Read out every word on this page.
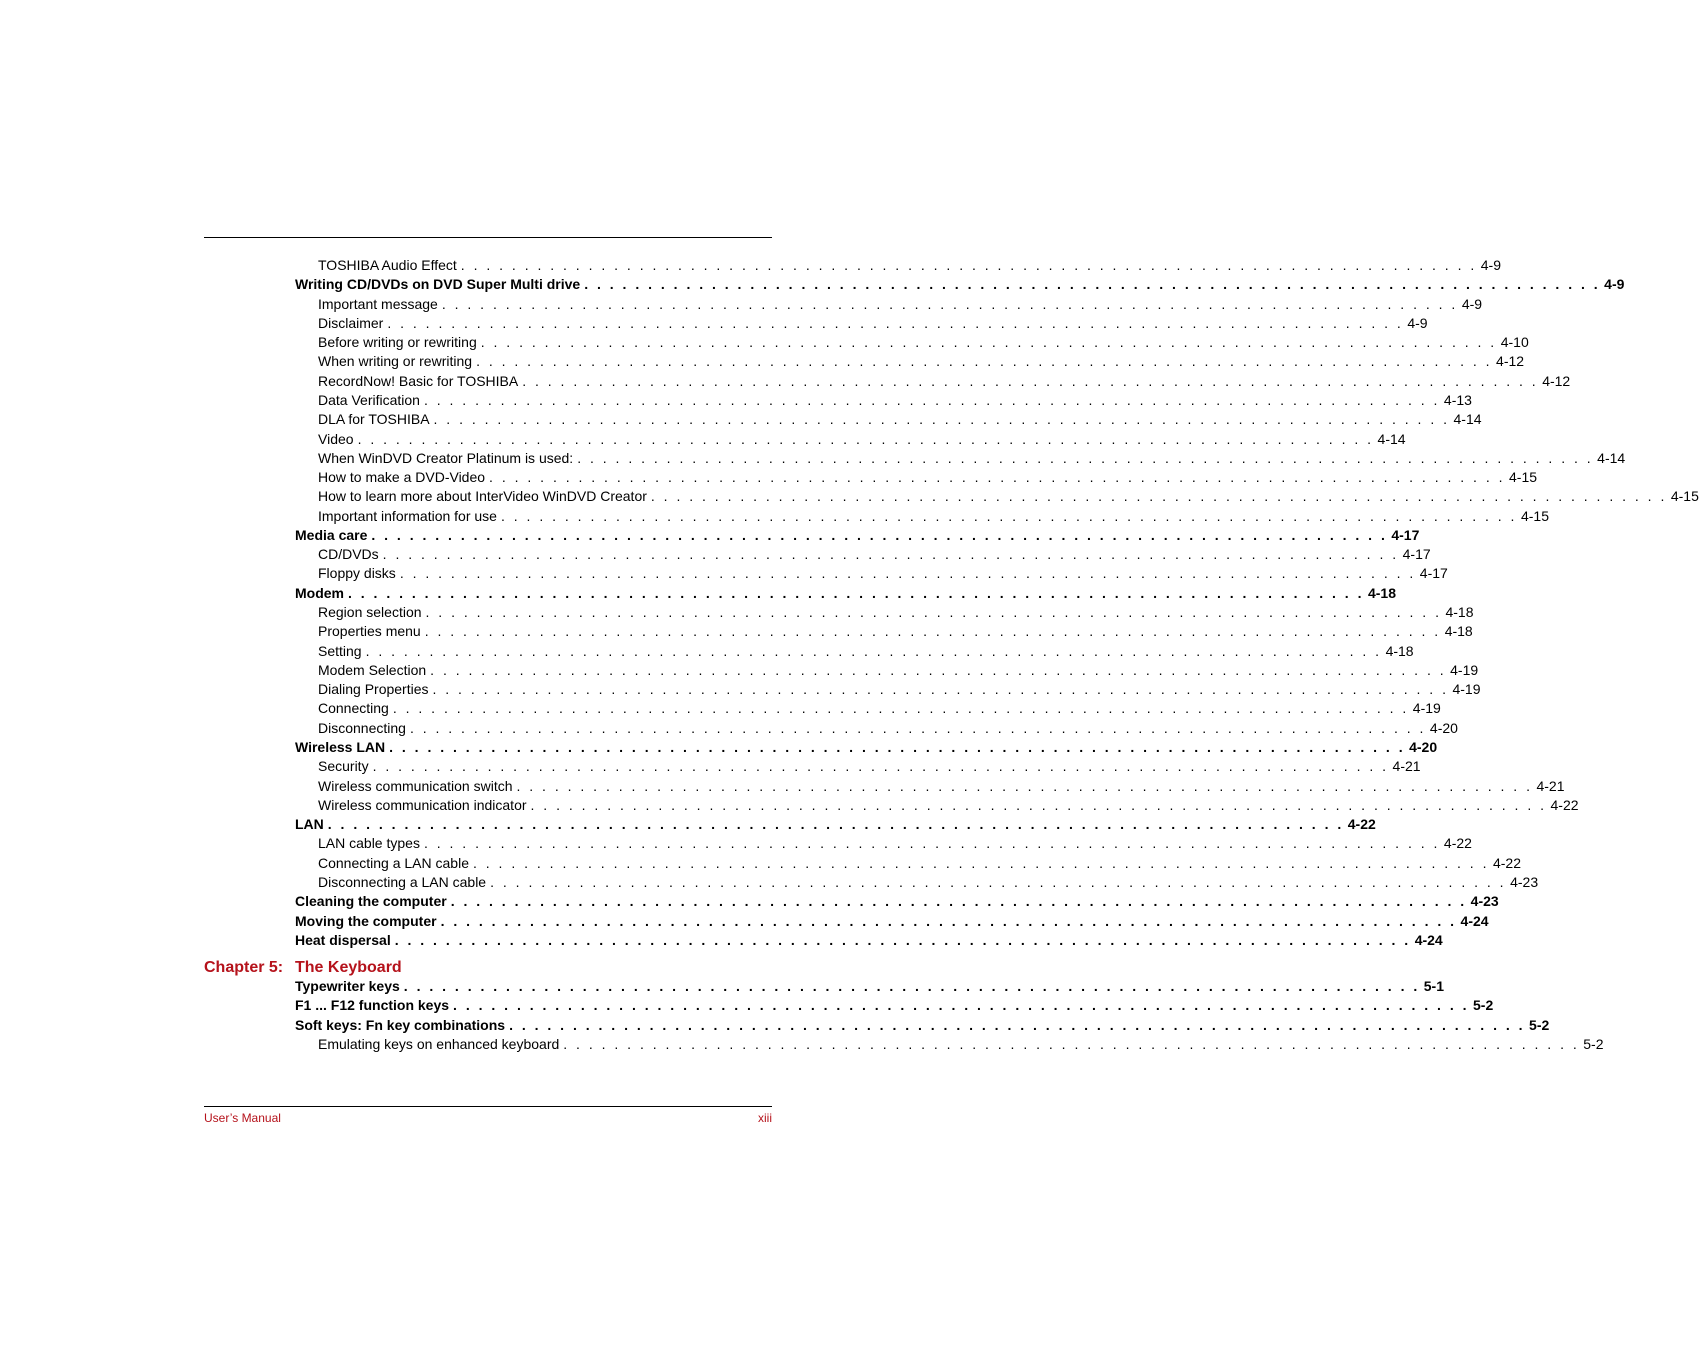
TOSHIBA Audio Effect . . . . . . . . . . . . . . . . . . . . . . . . . . . . . . . . . . . . . . . . . . . . . . . . . . . . . . . . . . . . . . . . . . . . . . . . . . . . . . . . 4-9
Writing CD/DVDs on DVD Super Multi drive . . . . . . . . . . . . . . . . . . . . . . . . . . . . . . . . . . . . . . . . . . . . . . . . . . . . . . . . . . . . . . . . . . . . . . . . . . . . . . . . 4-9
Important message . . . . . . . . . . . . . . . . . . . . . . . . . . . . . . . . . . . . . . . . . . . . . . . . . . . . . . . . . . . . . . . . . . . . . . . . . . . . . . . . 4-9
Disclaimer . . . . . . . . . . . . . . . . . . . . . . . . . . . . . . . . . . . . . . . . . . . . . . . . . . . . . . . . . . . . . . . . . . . . . . . . . . . . . . . . 4-9
Before writing or rewriting . . . . . . . . . . . . . . . . . . . . . . . . . . . . . . . . . . . . . . . . . . . . . . . . . . . . . . . . . . . . . . . . . . . . . . . . . . . . . . . . 4-10
When writing or rewriting . . . . . . . . . . . . . . . . . . . . . . . . . . . . . . . . . . . . . . . . . . . . . . . . . . . . . . . . . . . . . . . . . . . . . . . . . . . . . . . . 4-12
RecordNow! Basic for TOSHIBA . . . . . . . . . . . . . . . . . . . . . . . . . . . . . . . . . . . . . . . . . . . . . . . . . . . . . . . . . . . . . . . . . . . . . . . . . . . . . . . . 4-12
Data Verification . . . . . . . . . . . . . . . . . . . . . . . . . . . . . . . . . . . . . . . . . . . . . . . . . . . . . . . . . . . . . . . . . . . . . . . . . . . . . . . . 4-13
DLA for TOSHIBA . . . . . . . . . . . . . . . . . . . . . . . . . . . . . . . . . . . . . . . . . . . . . . . . . . . . . . . . . . . . . . . . . . . . . . . . . . . . . . . . 4-14
Video . . . . . . . . . . . . . . . . . . . . . . . . . . . . . . . . . . . . . . . . . . . . . . . . . . . . . . . . . . . . . . . . . . . . . . . . . . . . . . . . 4-14
When WinDVD Creator Platinum is used: . . . . . . . . . . . . . . . . . . . . . . . . . . . . . . . . . . . . . . . . . . . . . . . . . . . . . . . . . . . . . . . . . . . . . . . . . . . . . . . . 4-14
How to make a DVD-Video . . . . . . . . . . . . . . . . . . . . . . . . . . . . . . . . . . . . . . . . . . . . . . . . . . . . . . . . . . . . . . . . . . . . . . . . . . . . . . . . 4-15
How to learn more about InterVideo WinDVD Creator . . . . . . . . . . . . . . . . . . . . . . . . . . . . . . . . . . . . . . . . . . . . . . . . . . . . . . . . . . . . . . . . . . . . . . . . . . . . . . . . 4-15
Important information for use . . . . . . . . . . . . . . . . . . . . . . . . . . . . . . . . . . . . . . . . . . . . . . . . . . . . . . . . . . . . . . . . . . . . . . . . . . . . . . . . 4-15
Media care . . . . . . . . . . . . . . . . . . . . . . . . . . . . . . . . . . . . . . . . . . . . . . . . . . . . . . . . . . . . . . . . . . . . . . . . . . . . . . . . 4-17
CD/DVDs . . . . . . . . . . . . . . . . . . . . . . . . . . . . . . . . . . . . . . . . . . . . . . . . . . . . . . . . . . . . . . . . . . . . . . . . . . . . . . . . 4-17
Floppy disks . . . . . . . . . . . . . . . . . . . . . . . . . . . . . . . . . . . . . . . . . . . . . . . . . . . . . . . . . . . . . . . . . . . . . . . . . . . . . . . . 4-17
Modem . . . . . . . . . . . . . . . . . . . . . . . . . . . . . . . . . . . . . . . . . . . . . . . . . . . . . . . . . . . . . . . . . . . . . . . . . . . . . . . . 4-18
Region selection . . . . . . . . . . . . . . . . . . . . . . . . . . . . . . . . . . . . . . . . . . . . . . . . . . . . . . . . . . . . . . . . . . . . . . . . . . . . . . . . 4-18
Properties menu . . . . . . . . . . . . . . . . . . . . . . . . . . . . . . . . . . . . . . . . . . . . . . . . . . . . . . . . . . . . . . . . . . . . . . . . . . . . . . . . 4-18
Setting . . . . . . . . . . . . . . . . . . . . . . . . . . . . . . . . . . . . . . . . . . . . . . . . . . . . . . . . . . . . . . . . . . . . . . . . . . . . . . . . 4-18
Modem Selection . . . . . . . . . . . . . . . . . . . . . . . . . . . . . . . . . . . . . . . . . . . . . . . . . . . . . . . . . . . . . . . . . . . . . . . . . . . . . . . . 4-19
Dialing Properties . . . . . . . . . . . . . . . . . . . . . . . . . . . . . . . . . . . . . . . . . . . . . . . . . . . . . . . . . . . . . . . . . . . . . . . . . . . . . . . . 4-19
Connecting . . . . . . . . . . . . . . . . . . . . . . . . . . . . . . . . . . . . . . . . . . . . . . . . . . . . . . . . . . . . . . . . . . . . . . . . . . . . . . . . 4-19
Disconnecting . . . . . . . . . . . . . . . . . . . . . . . . . . . . . . . . . . . . . . . . . . . . . . . . . . . . . . . . . . . . . . . . . . . . . . . . . . . . . . . . 4-20
Wireless LAN . . . . . . . . . . . . . . . . . . . . . . . . . . . . . . . . . . . . . . . . . . . . . . . . . . . . . . . . . . . . . . . . . . . . . . . . . . . . . . . . 4-20
Security . . . . . . . . . . . . . . . . . . . . . . . . . . . . . . . . . . . . . . . . . . . . . . . . . . . . . . . . . . . . . . . . . . . . . . . . . . . . . . . . 4-21
Wireless communication switch . . . . . . . . . . . . . . . . . . . . . . . . . . . . . . . . . . . . . . . . . . . . . . . . . . . . . . . . . . . . . . . . . . . . . . . . . . . . . . . . 4-21
Wireless communication indicator . . . . . . . . . . . . . . . . . . . . . . . . . . . . . . . . . . . . . . . . . . . . . . . . . . . . . . . . . . . . . . . . . . . . . . . . . . . . . . . . 4-22
LAN . . . . . . . . . . . . . . . . . . . . . . . . . . . . . . . . . . . . . . . . . . . . . . . . . . . . . . . . . . . . . . . . . . . . . . . . . . . . . . . . 4-22
LAN cable types . . . . . . . . . . . . . . . . . . . . . . . . . . . . . . . . . . . . . . . . . . . . . . . . . . . . . . . . . . . . . . . . . . . . . . . . . . . . . . . . 4-22
Connecting a LAN cable . . . . . . . . . . . . . . . . . . . . . . . . . . . . . . . . . . . . . . . . . . . . . . . . . . . . . . . . . . . . . . . . . . . . . . . . . . . . . . . . 4-22
Disconnecting a LAN cable . . . . . . . . . . . . . . . . . . . . . . . . . . . . . . . . . . . . . . . . . . . . . . . . . . . . . . . . . . . . . . . . . . . . . . . . . . . . . . . . 4-23
Cleaning the computer . . . . . . . . . . . . . . . . . . . . . . . . . . . . . . . . . . . . . . . . . . . . . . . . . . . . . . . . . . . . . . . . . . . . . . . . . . . . . . . . 4-23
Moving the computer . . . . . . . . . . . . . . . . . . . . . . . . . . . . . . . . . . . . . . . . . . . . . . . . . . . . . . . . . . . . . . . . . . . . . . . . . . . . . . . . 4-24
Heat dispersal . . . . . . . . . . . . . . . . . . . . . . . . . . . . . . . . . . . . . . . . . . . . . . . . . . . . . . . . . . . . . . . . . . . . . . . . . . . . . . . . 4-24
Typewriter keys . . . . . . . . . . . . . . . . . . . . . . . . . . . . . . . . . . . . . . . . . . . . . . . . . . . . . . . . . . . . . . . . . . . . . . . . . . . . . . . . 5-1
F1 ... F12 function keys . . . . . . . . . . . . . . . . . . . . . . . . . . . . . . . . . . . . . . . . . . . . . . . . . . . . . . . . . . . . . . . . . . . . . . . . . . . . . . . . 5-2
Soft keys: Fn key combinations . . . . . . . . . . . . . . . . . . . . . . . . . . . . . . . . . . . . . . . . . . . . . . . . . . . . . . . . . . . . . . . . . . . . . . . . . . . . . . . . 5-2
Emulating keys on enhanced keyboard . . . . . . . . . . . . . . . . . . . . . . . . . . . . . . . . . . . . . . . . . . . . . . . . . . . . . . . . . . . . . . . . . . . . . . . . . . . . . . . . 5-2
Chapter 5: The Keyboard
User’s Manual	xiii
